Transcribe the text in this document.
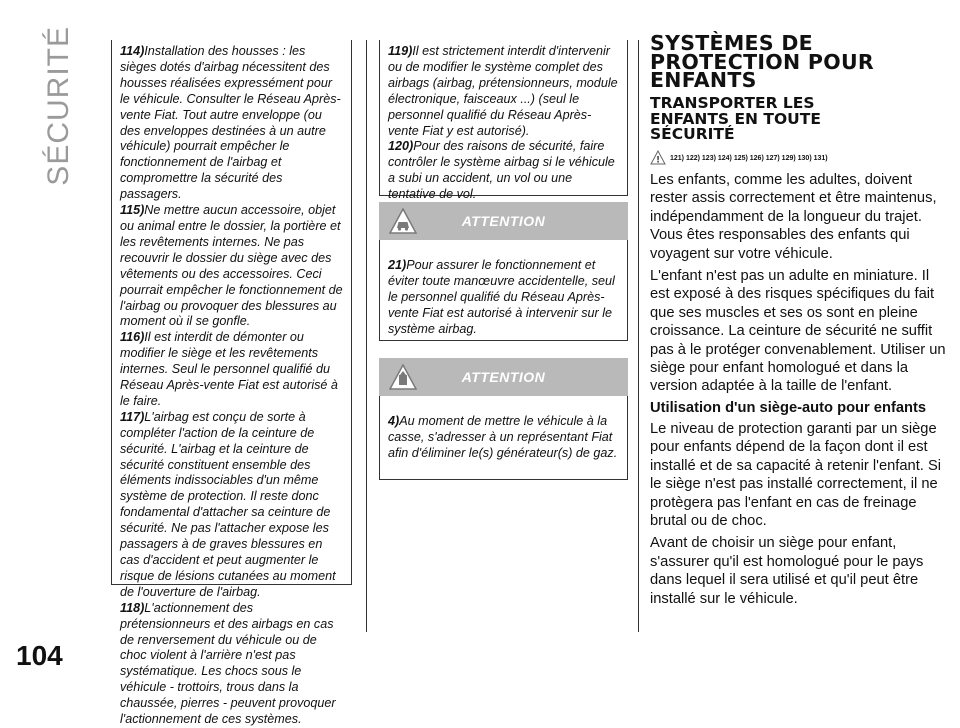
SÉCURITÉ
104

114)Installation des housses : les sièges dotés d'airbag nécessitent des housses réalisées expressément pour le véhicule. Consulter le Réseau Après-vente Fiat. Tout autre enveloppe (ou des enveloppes destinées à un autre véhicule) pourrait empêcher le fonctionnement de l'airbag et compromettre la sécurité des passagers.

115)Ne mettre aucun accessoire, objet ou animal entre le dossier, la portière et les revêtements internes. Ne pas recouvrir le dossier du siège avec des vêtements ou des accessoires. Ceci pourrait empêcher le fonctionnement de l'airbag ou provoquer des blessures au moment où il se gonfle.

116)Il est interdit de démonter ou modifier le siège et les revêtements internes. Seul le personnel qualifié du Réseau Après-vente Fiat est autorisé à le faire.

117)L'airbag est conçu de sorte à compléter l'action de la ceinture de sécurité. L'airbag et la ceinture de sécurité constituent ensemble des éléments indissociables d'un même système de protection. Il reste donc fondamental d'attacher sa ceinture de sécurité. Ne pas l'attacher expose les passagers à de graves blessures en cas d'accident et peut augmenter le risque de lésions cutanées au moment de l'ouverture de l'airbag.

118)L'actionnement des prétensionneurs et des airbags en cas de renversement du véhicule ou de choc violent à l'arrière n'est pas systématique. Les chocs sous le véhicule - trottoirs, trous dans la chaussée, pierres - peuvent provoquer l'actionnement de ces systèmes.

119)Il est strictement interdit d'intervenir ou de modifier le système complet des airbags (airbag, prétensionneurs, module électronique, faisceaux ...) (seul le personnel qualifié du Réseau Après-vente Fiat y est autorisé).

120)Pour des raisons de sécurité, faire contrôler le système airbag si le véhicule a subi un accident, un vol ou une tentative de vol.

ATTENTION

21)Pour assurer le fonctionnement et éviter toute manœuvre accidentelle, seul le personnel qualifié du Réseau Après-vente Fiat est autorisé à intervenir sur le système airbag.

ATTENTION

4)Au moment de mettre le véhicule à la casse, s'adresser à un représentant Fiat afin d'éliminer le(s) générateur(s) de gaz.

SYSTÈMES DE
PROTECTION POUR
ENFANTS
TRANSPORTER LES
ENFANTS EN TOUTE
SÉCURITÉ
! 121) 122) 123) 124) 125) 126) 127) 129) 130) 131)

Les enfants, comme les adultes, doivent rester assis correctement et être maintenus, indépendamment de la longueur du trajet. Vous êtes responsables des enfants qui voyagent sur votre véhicule.

L'enfant n'est pas un adulte en miniature. Il est exposé à des risques spécifiques du fait que ses muscles et ses os sont en pleine croissance. La ceinture de sécurité ne suffit pas à le protéger convenablement. Utiliser un siège pour enfant homologué et dans la version adaptée à la taille de l'enfant.

Utilisation d'un siège-auto pour enfants

Le niveau de protection garanti par un siège pour enfants dépend de la façon dont il est installé et de sa capacité à retenir l'enfant. Si le siège n'est pas installé correctement, il ne protègera pas l'enfant en cas de freinage brutal ou de choc.

Avant de choisir un siège pour enfant, s'assurer qu'il est homologué pour le pays dans lequel il sera utilisé et qu'il peut être installé sur le véhicule.
